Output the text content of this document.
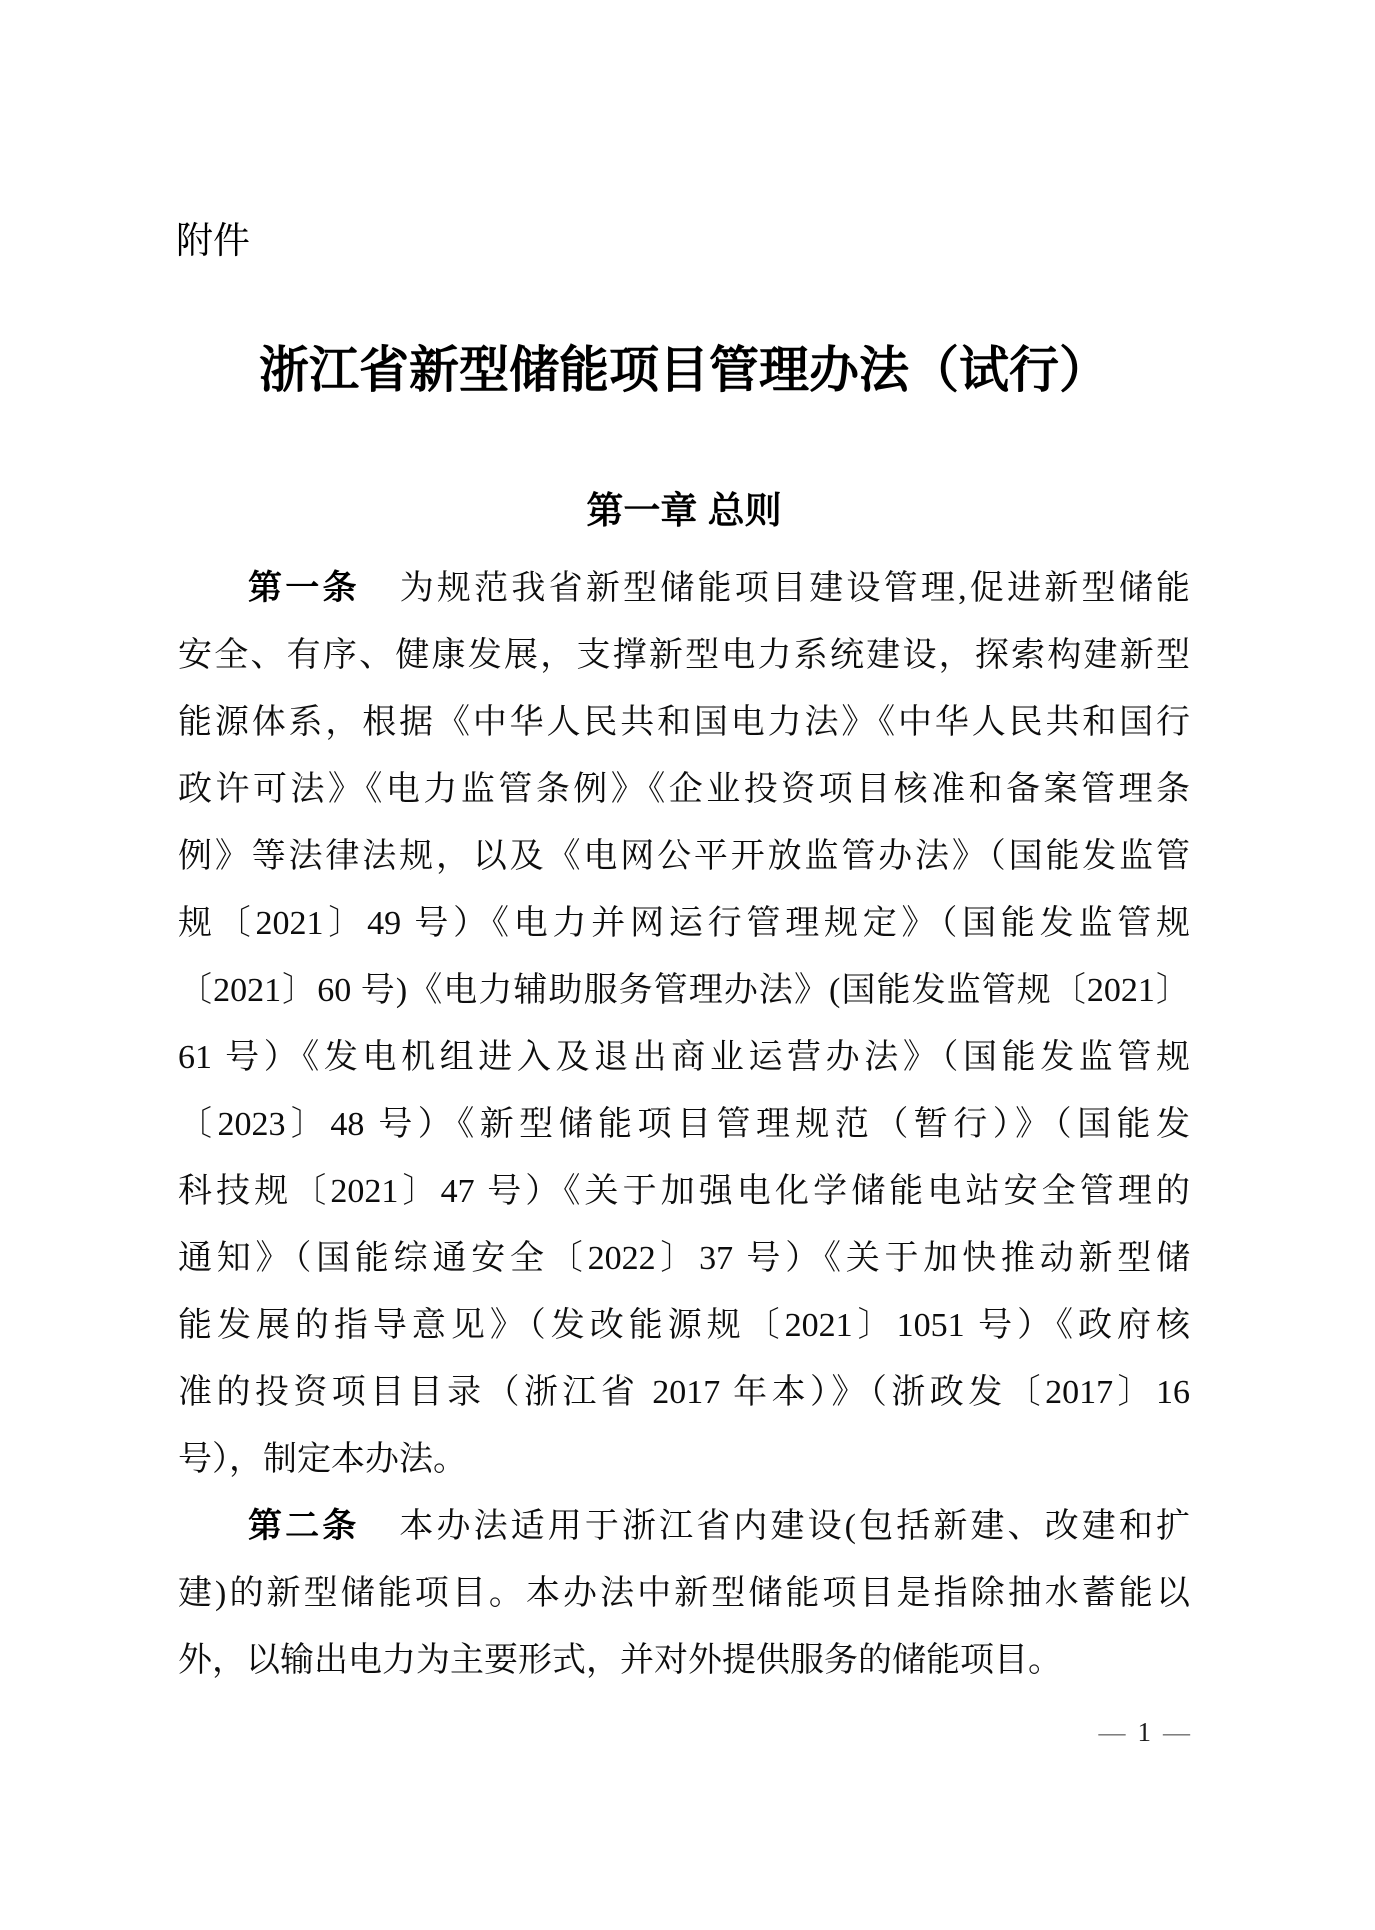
附件
浙江省新型储能项目管理办法（试行）
第一章 总则
第一条 为规范我省新型储能项目建设管理,促进新型储能
安全、有序、健康发展，支撑新型电力系统建设，探索构建新型
能源体系，根据《中华人民共和国电力法》《中华人民共和国行
政许可法》《电力监管条例》《企业投资项目核准和备案管理条
例》等法律法规，以及《电网公平开放监管办法》（国能发监管
规〔2021〕49 号）《电力并网运行管理规定》（国能发监管规
〔2021〕60 号)《电力辅助服务管理办法》(国能发监管规〔2021〕
61 号）《发电机组进入及退出商业运营办法》（国能发监管规
〔2023〕48 号）《新型储能项目管理规范（暂行）》（国能发
科技规〔2021〕47 号）《关于加强电化学储能电站安全管理的
通知》（国能综通安全〔2022〕37 号）《关于加快推动新型储
能发展的指导意见》（发改能源规〔2021〕1051 号）《政府核
准的投资项目目录（浙江省 2017 年本）》（浙政发〔2017〕16
号），制定本办法。
第二条 本办法适用于浙江省内建设(包括新建、改建和扩
建)的新型储能项目。本办法中新型储能项目是指除抽水蓄能以
外，以输出电力为主要形式，并对外提供服务的储能项目。
— 1 —
